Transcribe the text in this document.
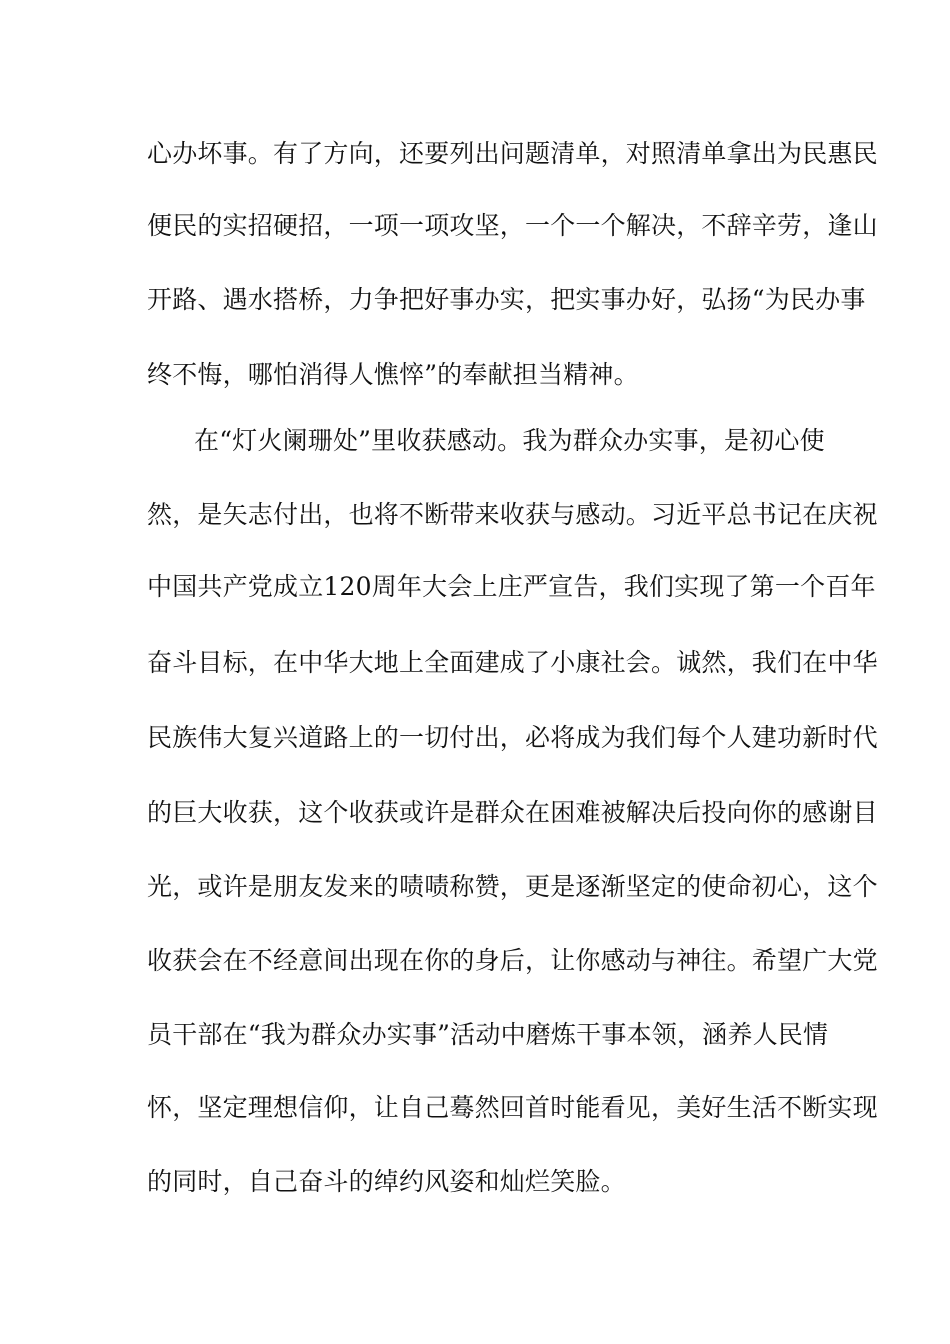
心办坏事。有了方向，还要列出问题清单，对照清单拿出为民惠民
便民的实招硬招，一项一项攻坚，一个一个解决，不辞辛劳，逢山
开路、遇水搭桥，力争把好事办实，把实事办好，弘扬“为民办事
终不悔，哪怕消得人憔悴”的奉献担当精神。
在“灯火阑珊处”里收获感动。我为群众办实事，是初心使
然，是矢志付出，也将不断带来收获与感动。习近平总书记在庆祝
中国共产党成立120周年大会上庄严宣告，我们实现了第一个百年
奋斗目标，在中华大地上全面建成了小康社会。诚然，我们在中华
民族伟大复兴道路上的一切付出，必将成为我们每个人建功新时代
的巨大收获，这个收获或许是群众在困难被解决后投向你的感谢目
光，或许是朋友发来的啧啧称赞，更是逐渐坚定的使命初心，这个
收获会在不经意间出现在你的身后，让你感动与神往。希望广大党
员干部在“我为群众办实事”活动中磨炼干事本领，涵养人民情
怀，坚定理想信仰，让自己蓦然回首时能看见，美好生活不断实现
的同时，自己奋斗的绰约风姿和灿烂笑脸。
